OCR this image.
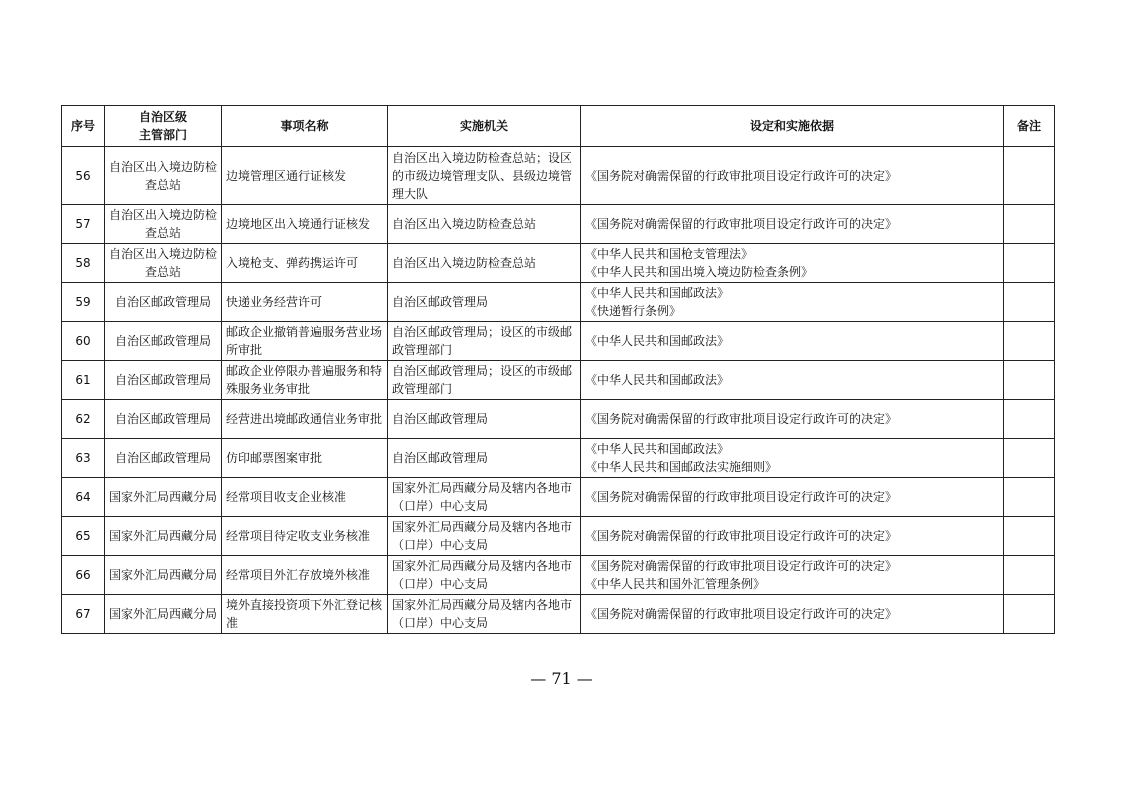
序号	自治区级
主管部门	事项名称	实施机关	设定和实施依据	备注
56	自治区出入境边防检查总站	边境管理区通行证核发	自治区出入境边防检查总站；设区的市级边境管理支队、县级边境管理大队	《国务院对确需保留的行政审批项目设定行政许可的决定》	

57	自治区出入境边防检查总站	边境地区出入境通行证核发	自治区出入境边防检查总站	《国务院对确需保留的行政审批项目设定行政许可的决定》	

58	自治区出入境边防检查总站	入境枪支、弹药携运许可	自治区出入境边防检查总站	《中华人民共和国枪支管理法》
《中华人民共和国出境入境边防检查条例》	

59	自治区邮政管理局	快递业务经营许可	自治区邮政管理局	《中华人民共和国邮政法》
《快递暂行条例》	

60	自治区邮政管理局	邮政企业撤销普遍服务营业场所审批	自治区邮政管理局；设区的市级邮政管理部门	《中华人民共和国邮政法》	

61	自治区邮政管理局	邮政企业停限办普遍服务和特殊服务业务审批	自治区邮政管理局；设区的市级邮政管理部门	《中华人民共和国邮政法》	

62	自治区邮政管理局	经营进出境邮政通信业务审批	自治区邮政管理局	《国务院对确需保留的行政审批项目设定行政许可的决定》	

63	自治区邮政管理局	仿印邮票图案审批	自治区邮政管理局	《中华人民共和国邮政法》
《中华人民共和国邮政法实施细则》	

64	国家外汇局西藏分局	经常项目收支企业核准	国家外汇局西藏分局及辖内各地市（口岸）中心支局	《国务院对确需保留的行政审批项目设定行政许可的决定》	

65	国家外汇局西藏分局	经常项目待定收支业务核准	国家外汇局西藏分局及辖内各地市（口岸）中心支局	《国务院对确需保留的行政审批项目设定行政许可的决定》	

66	国家外汇局西藏分局	经常项目外汇存放境外核准	国家外汇局西藏分局及辖内各地市（口岸）中心支局	《国务院对确需保留的行政审批项目设定行政许可的决定》
《中华人民共和国外汇管理条例》	

67	国家外汇局西藏分局	境外直接投资项下外汇登记核准	国家外汇局西藏分局及辖内各地市（口岸）中心支局	《国务院对确需保留的行政审批项目设定行政许可的决定》	

— 71 —
